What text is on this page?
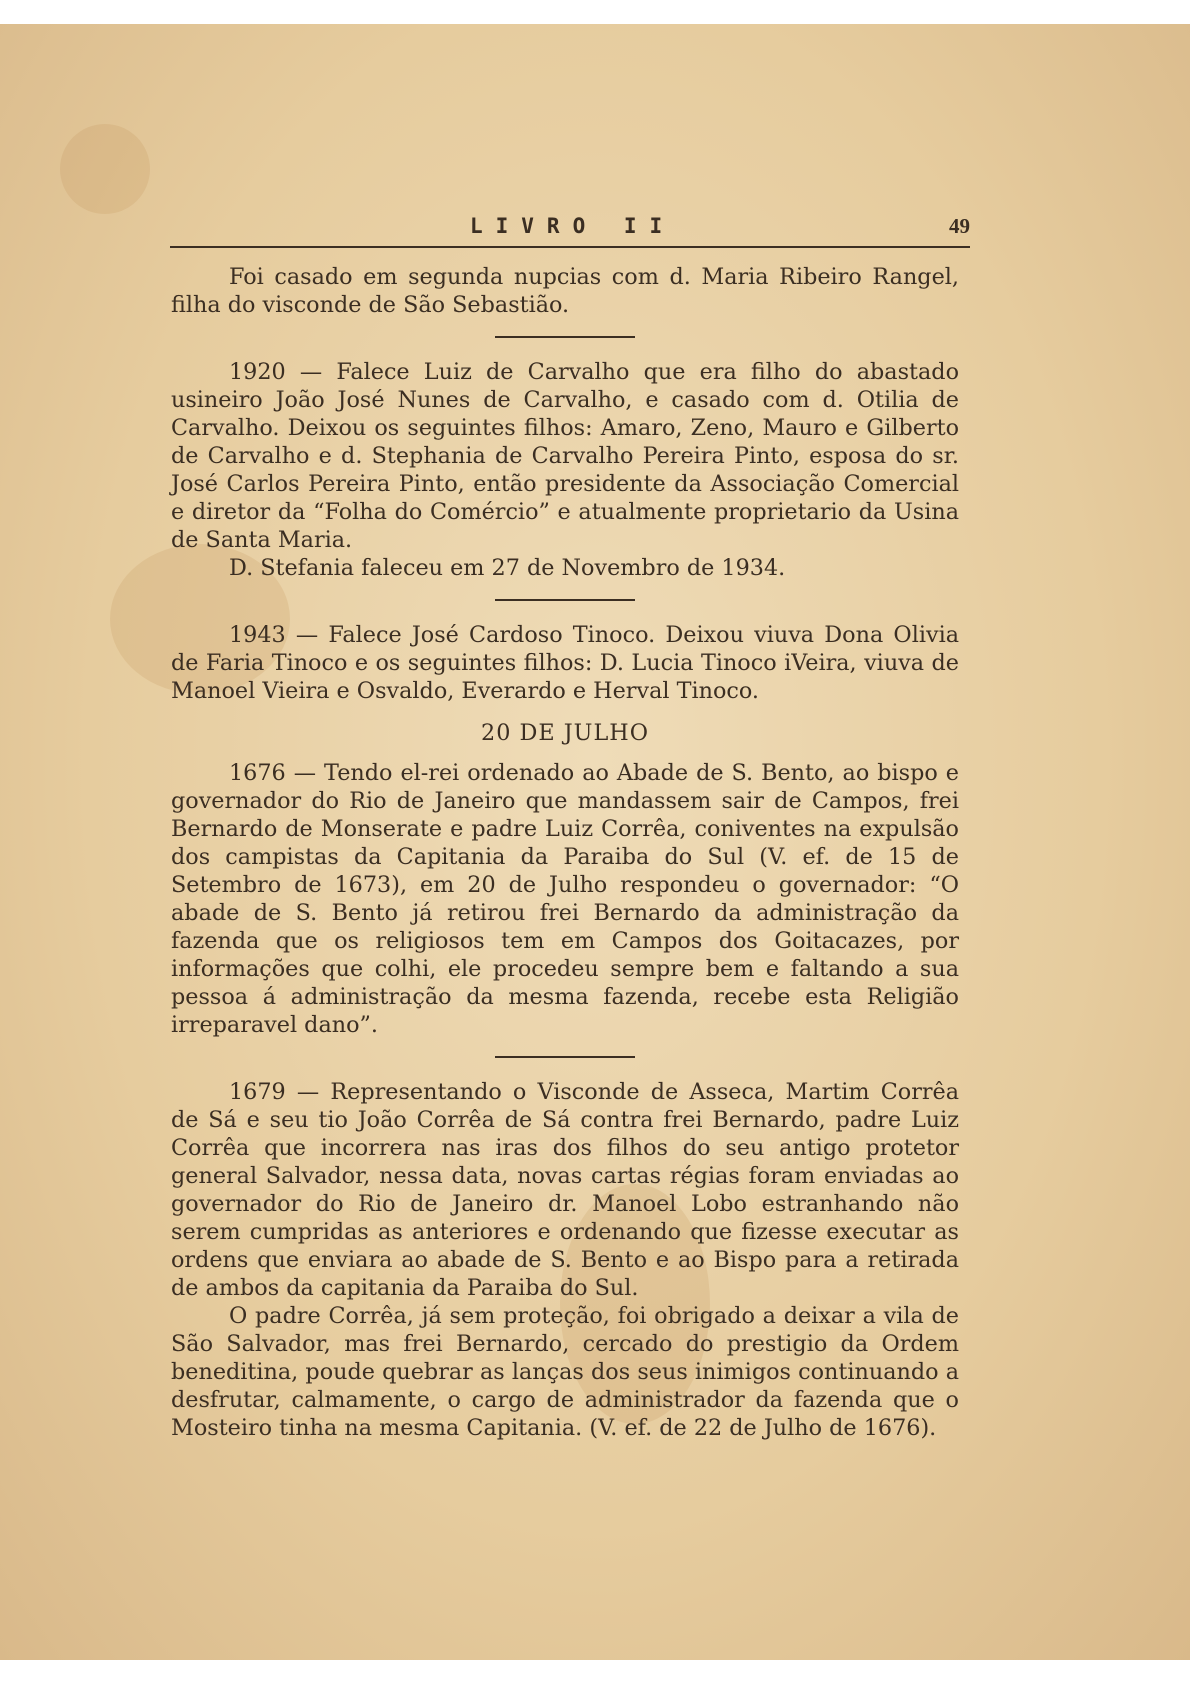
LIVRO II	49

Foi casado em segunda nupcias com d. Maria Ribeiro Rangel, filha do visconde de São Sebastião.

1920 — Falece Luiz de Carvalho que era filho do abastado usineiro João José Nunes de Carvalho, e casado com d. Otilia de Carvalho. Deixou os seguintes filhos: Amaro, Zeno, Mauro e Gilberto de Carvalho e d. Stephania de Carvalho Pereira Pinto, esposa do sr. José Carlos Pereira Pinto, então presidente da Associação Comercial e diretor da “Folha do Comércio” e atualmente proprietario da Usina de Santa Maria.

D. Stefania faleceu em 27 de Novembro de 1934.

1943 — Falece José Cardoso Tinoco. Deixou viuva Dona Olivia de Faria Tinoco e os seguintes filhos: D. Lucia Tinoco iVeira, viuva de Manoel Vieira e Osvaldo, Everardo e Herval Tinoco.

20 DE JULHO

1676 — Tendo el-rei ordenado ao Abade de S. Bento, ao bispo e governador do Rio de Janeiro que mandassem sair de Campos, frei Bernardo de Monserate e padre Luiz Corrêa, coniventes na expulsão dos campistas da Capitania da Paraiba do Sul (V. ef. de 15 de Setembro de 1673), em 20 de Julho respondeu o governador: “O abade de S. Bento já retirou frei Bernardo da administração da fazenda que os religiosos tem em Campos dos Goitacazes, por informações que colhi, ele procedeu sempre bem e faltando a sua pessoa á administração da mesma fazenda, recebe esta Religião irreparavel dano”.

1679 — Representando o Visconde de Asseca, Martim Corrêa de Sá e seu tio João Corrêa de Sá contra frei Bernardo, padre Luiz Corrêa que incorrera nas iras dos filhos do seu antigo protetor general Salvador, nessa data, novas cartas régias foram enviadas ao governador do Rio de Janeiro dr. Manoel Lobo estranhando não serem cumpridas as anteriores e ordenando que fizesse executar as ordens que enviara ao abade de S. Bento e ao Bispo para a retirada de ambos da capitania da Paraiba do Sul.

O padre Corrêa, já sem proteção, foi obrigado a deixar a vila de São Salvador, mas frei Bernardo, cercado do prestigio da Ordem beneditina, poude quebrar as lanças dos seus inimigos continuando a desfrutar, calmamente, o cargo de administrador da fazenda que o Mosteiro tinha na mesma Capitania. (V. ef. de 22 de Julho de 1676).
